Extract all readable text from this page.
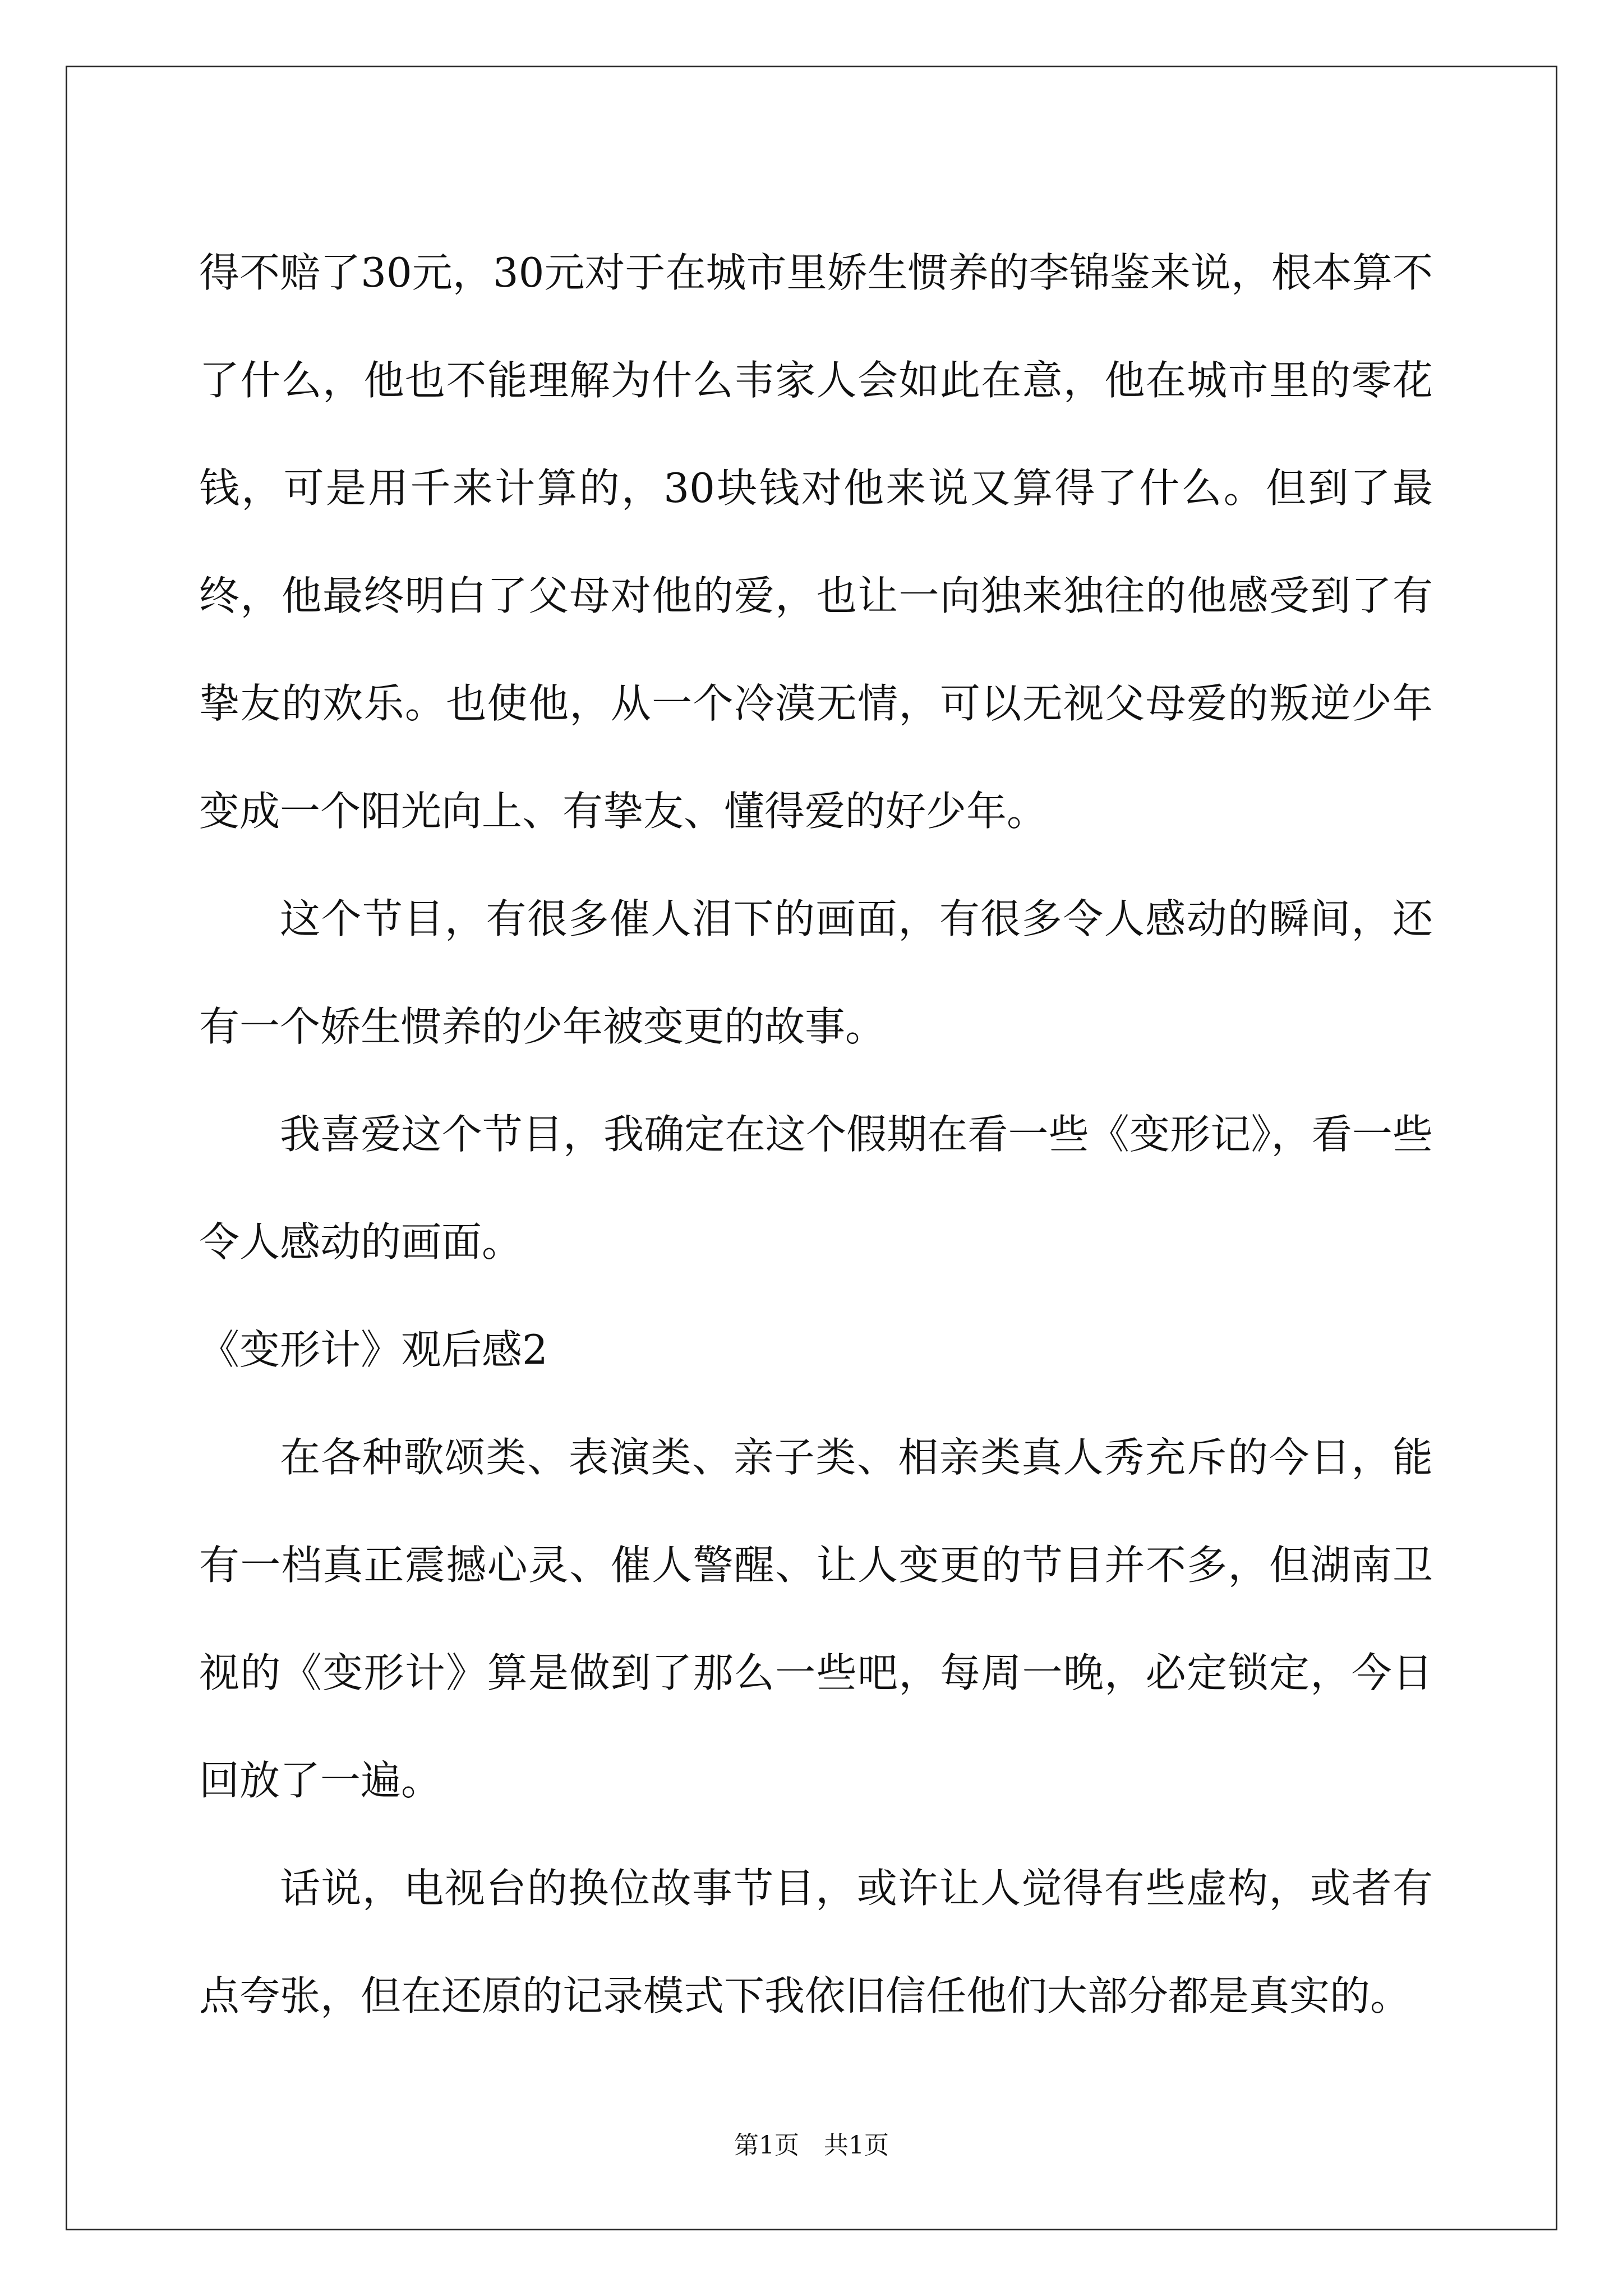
得不赔了30元，30元对于在城市里娇生惯养的李锦鉴来说，根本算不了什么，他也不能理解为什么韦家人会如此在意，他在城市里的零花钱，可是用千来计算的，30块钱对他来说又算得了什么。但到了最终，他最终明白了父母对他的爱，也让一向独来独往的他感受到了有挚友的欢乐。也使他，从一个冷漠无情，可以无视父母爱的叛逆少年变成一个阳光向上、有挚友、懂得爱的好少年。

这个节目，有很多催人泪下的画面，有很多令人感动的瞬间，还有一个娇生惯养的少年被变更的故事。

我喜爱这个节目，我确定在这个假期在看一些《变形记》，看一些令人感动的画面。

《变形计》观后感2

在各种歌颂类、表演类、亲子类、相亲类真人秀充斥的今日，能有一档真正震撼心灵、催人警醒、让人变更的节目并不多，但湖南卫视的《变形计》算是做到了那么一些吧，每周一晚，必定锁定，今日回放了一遍。

话说，电视台的换位故事节目，或许让人觉得有些虚构，或者有点夸张，但在还原的记录模式下我依旧信任他们大部分都是真实的。

第1页　共1页
